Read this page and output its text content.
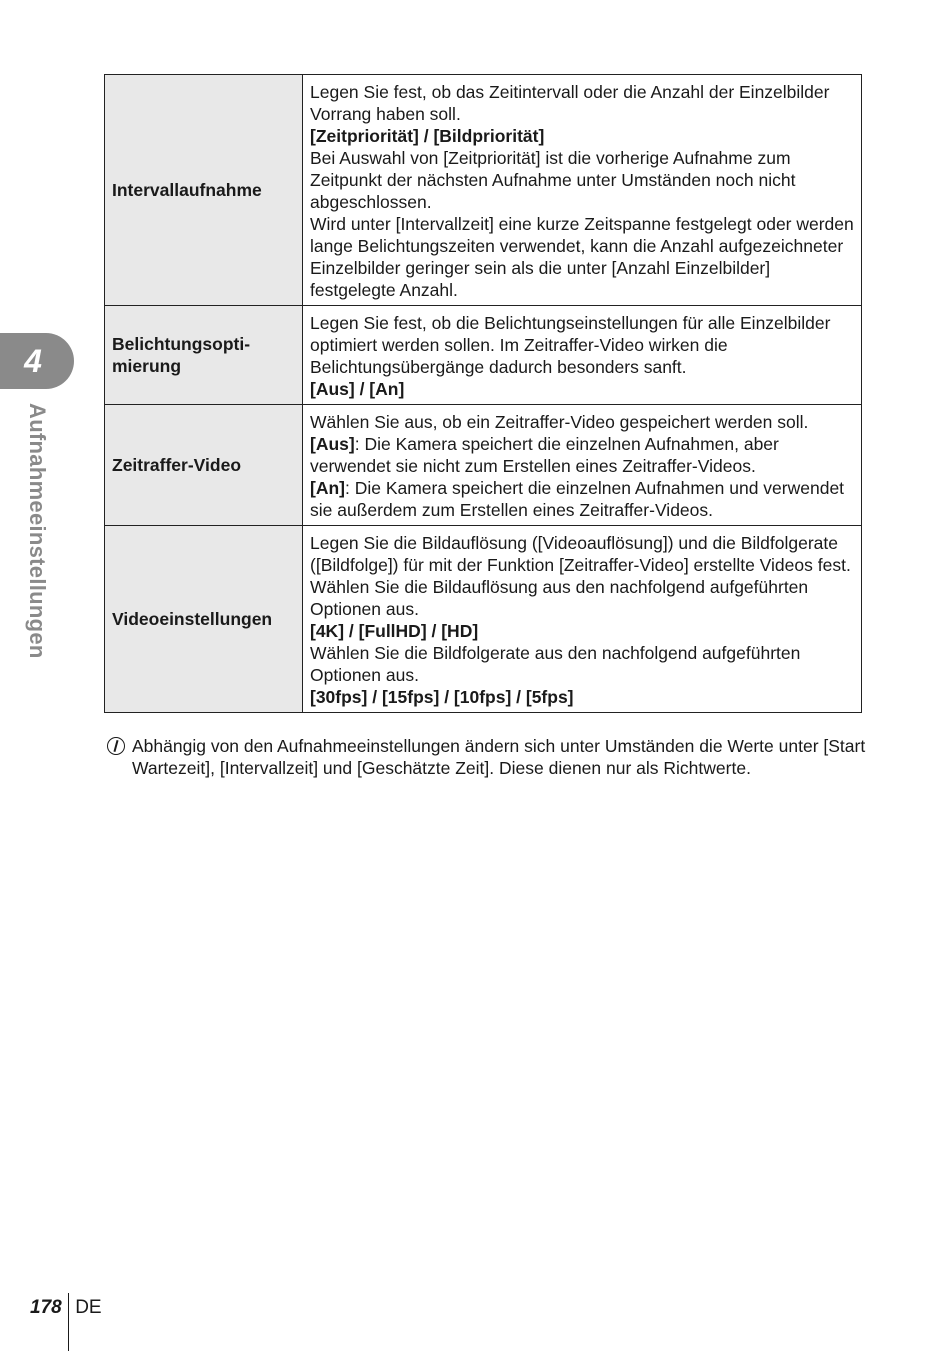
4
Aufnahmeeinstellungen
Intervallaufnahme	Legen Sie fest, ob das Zeitintervall oder die Anzahl der Einzelbilder Vorrang haben soll.
[Zeitpriorität] / [Bildpriorität]
Bei Auswahl von [Zeitpriorität] ist die vorherige Aufnahme zum Zeitpunkt der nächsten Aufnahme unter Umständen noch nicht abgeschlossen.
Wird unter [Intervallzeit] eine kurze Zeitspanne festgelegt oder werden lange Belichtungszeiten verwendet, kann die Anzahl aufgezeichneter Einzelbilder geringer sein als die unter [Anzahl Einzelbilder] festgelegte Anzahl.

Belichtungsopti-
mierung	Legen Sie fest, ob die Belichtungseinstellungen für alle Einzelbilder optimiert werden sollen. Im Zeitraffer-Video wirken die Belichtungsübergänge dadurch besonders sanft.
[Aus] / [An]

Zeitraffer-Video	Wählen Sie aus, ob ein Zeitraffer-Video gespeichert werden soll.
[Aus]: Die Kamera speichert die einzelnen Aufnahmen, aber verwendet sie nicht zum Erstellen eines Zeitraffer-Videos.
[An]: Die Kamera speichert die einzelnen Aufnahmen und verwendet sie außerdem zum Erstellen eines Zeitraffer-Videos.

Videoeinstellungen	Legen Sie die Bildauflösung ([Videoauflösung]) und die Bildfolgerate ([Bildfolge]) für mit der Funktion [Zeitraffer-Video] erstellte Videos fest.
Wählen Sie die Bildauflösung aus den nachfolgend aufgeführten Optionen aus.
[4K] / [FullHD] / [HD]
Wählen Sie die Bildfolgerate aus den nachfolgend aufgeführten Optionen aus.
[30fps] / [15fps] / [10fps] / [5fps]
Abhängig von den Aufnahmeeinstellungen ändern sich unter Umständen die Werte unter [Start Wartezeit], [Intervallzeit] und [Geschätzte Zeit]. Diese dienen nur als Richtwerte.
178 DE
